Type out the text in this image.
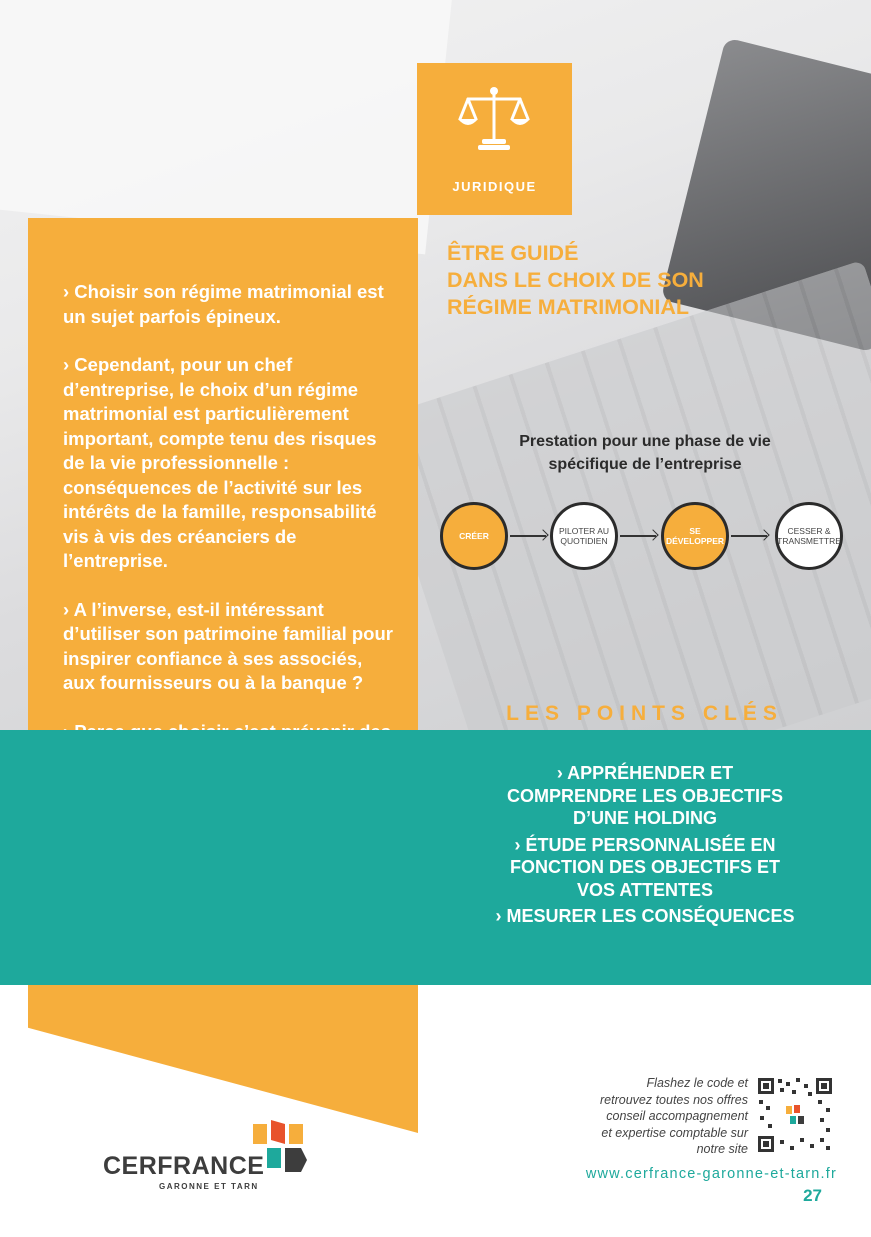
JURIDIQUE

› Choisir son régime matrimonial est un sujet parfois épineux.

› Cependant, pour un chef d’entreprise, le choix d’un régime matrimonial est particulièrement important, compte tenu des risques de la vie professionnelle : conséquences de l’activité sur les intérêts de la famille, responsabilité vis à vis des créanciers de l’entreprise.

› A l’inverse, est-il intéressant d’utiliser son patrimoine familial pour inspirer confiance à ses associés, aux fournisseurs ou à la banque ?

ÊTRE GUIDÉ
DANS LE CHOIX DE SON
RÉGIME MATRIMONIAL
Prestation pour une phase de vie
spécifique de l’entreprise
CRÉER	PILOTER AU
QUOTIDIEN
SE
DÉVELOPPER
CESSER &
TRANSMETTRE
LES POINTS CLÉS
› APPRÉHENDER ET
COMPRENDRE LES OBJECTIFS
D’UNE HOLDING
› ÉTUDE PERSONNALISÉE EN
FONCTION DES OBJECTIFS ET
VOS ATTENTES
› MESURER LES CONSÉQUENCES
CERFRANCE
GARONNE ET TARN
Flashez le code et
retrouvez toutes nos offres
conseil accompagnement
et expertise comptable sur
notre site
www.cerfrance-garonne-et-tarn.fr
27
